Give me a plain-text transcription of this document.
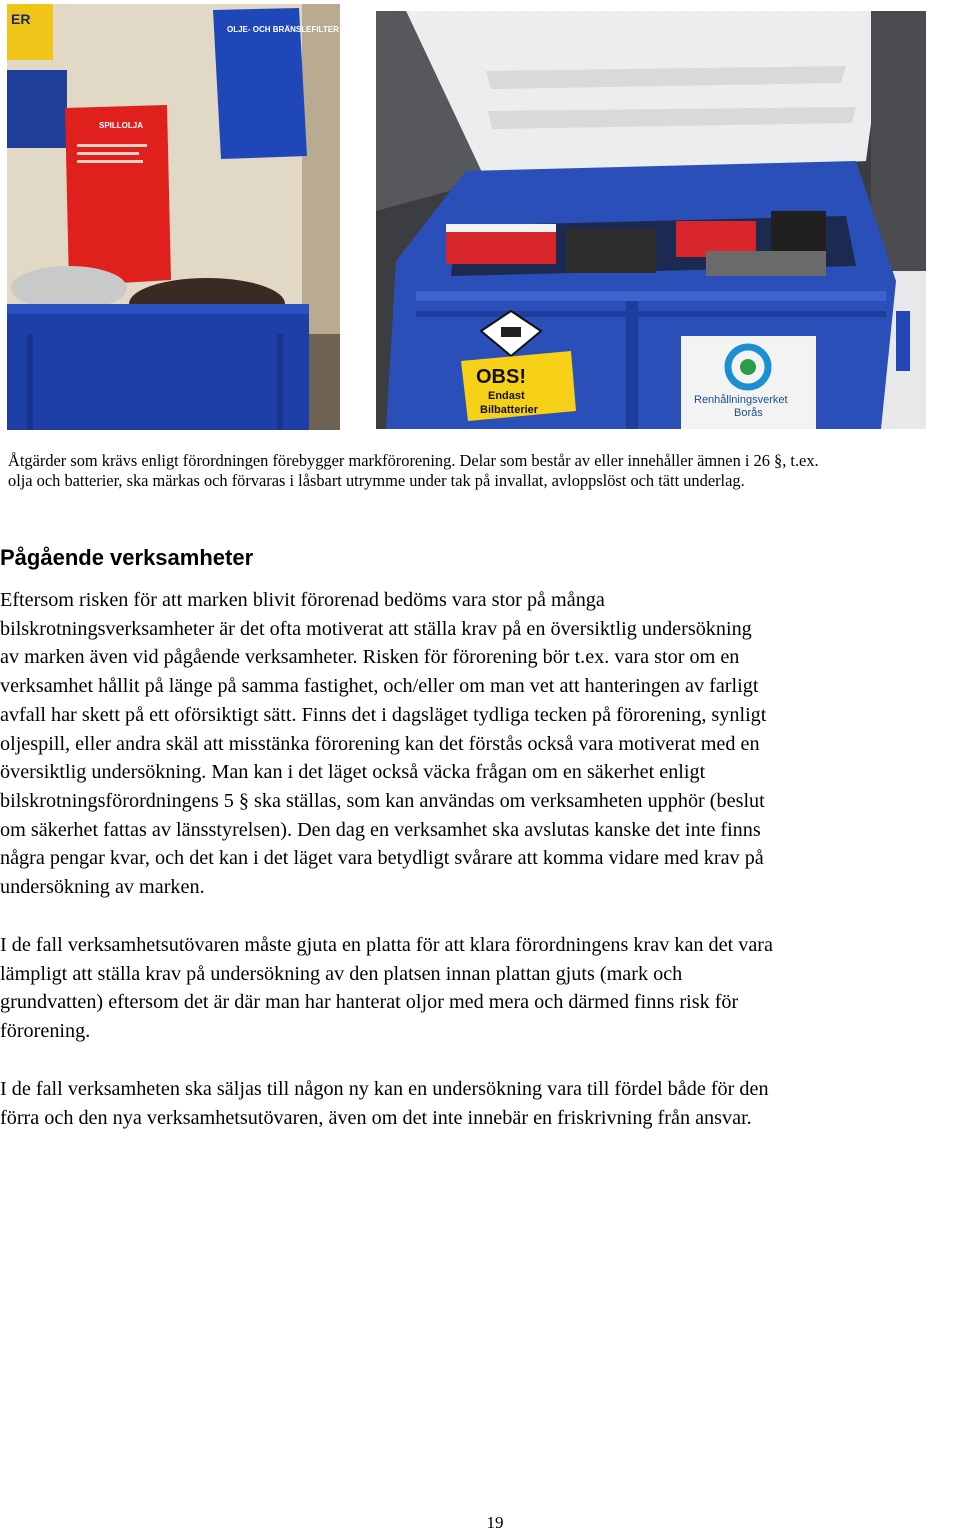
ER
OLJE- OCH BRÄNSLEFILTER
SPILLOLJA
OBS!
Endast
Bilbatterier
Renhållningsverket
Borås
Åtgärder som krävs enligt förordningen förebygger markförorening. Delar som består av eller innehåller ämnen i 26 §, t.ex.
olja och batterier, ska märkas och förvaras i låsbart utrymme under tak på invallat, avloppslöst och tätt underlag.
Pågående verksamheter
Eftersom risken för att marken blivit förorenad bedöms vara stor på många
bilskrotningsverksamheter är det ofta motiverat att ställa krav på en översiktlig undersökning
av marken även vid pågående verksamheter. Risken för förorening bör t.ex. vara stor om en
verksamhet hållit på länge på samma fastighet, och/eller om man vet att hanteringen av farligt
avfall har skett på ett oförsiktigt sätt. Finns det i dagsläget tydliga tecken på förorening, synligt
oljespill, eller andra skäl att misstänka förorening kan det förstås också vara motiverat med en
översiktlig undersökning. Man kan i det läget också väcka frågan om en säkerhet enligt
bilskrotningsförordningens 5 § ska ställas, som kan användas om verksamheten upphör (beslut
om säkerhet fattas av länsstyrelsen). Den dag en verksamhet ska avslutas kanske det inte finns
några pengar kvar, och det kan i det läget vara betydligt svårare att komma vidare med krav på
undersökning av marken.
I de fall verksamhetsutövaren måste gjuta en platta för att klara förordningens krav kan det vara
lämpligt att ställa krav på undersökning av den platsen innan plattan gjuts (mark och
grundvatten) eftersom det är där man har hanterat oljor med mera och därmed finns risk för
förorening.
I de fall verksamheten ska säljas till någon ny kan en undersökning vara till fördel både för den
förra och den nya verksamhetsutövaren, även om det inte innebär en friskrivning från ansvar.
19
